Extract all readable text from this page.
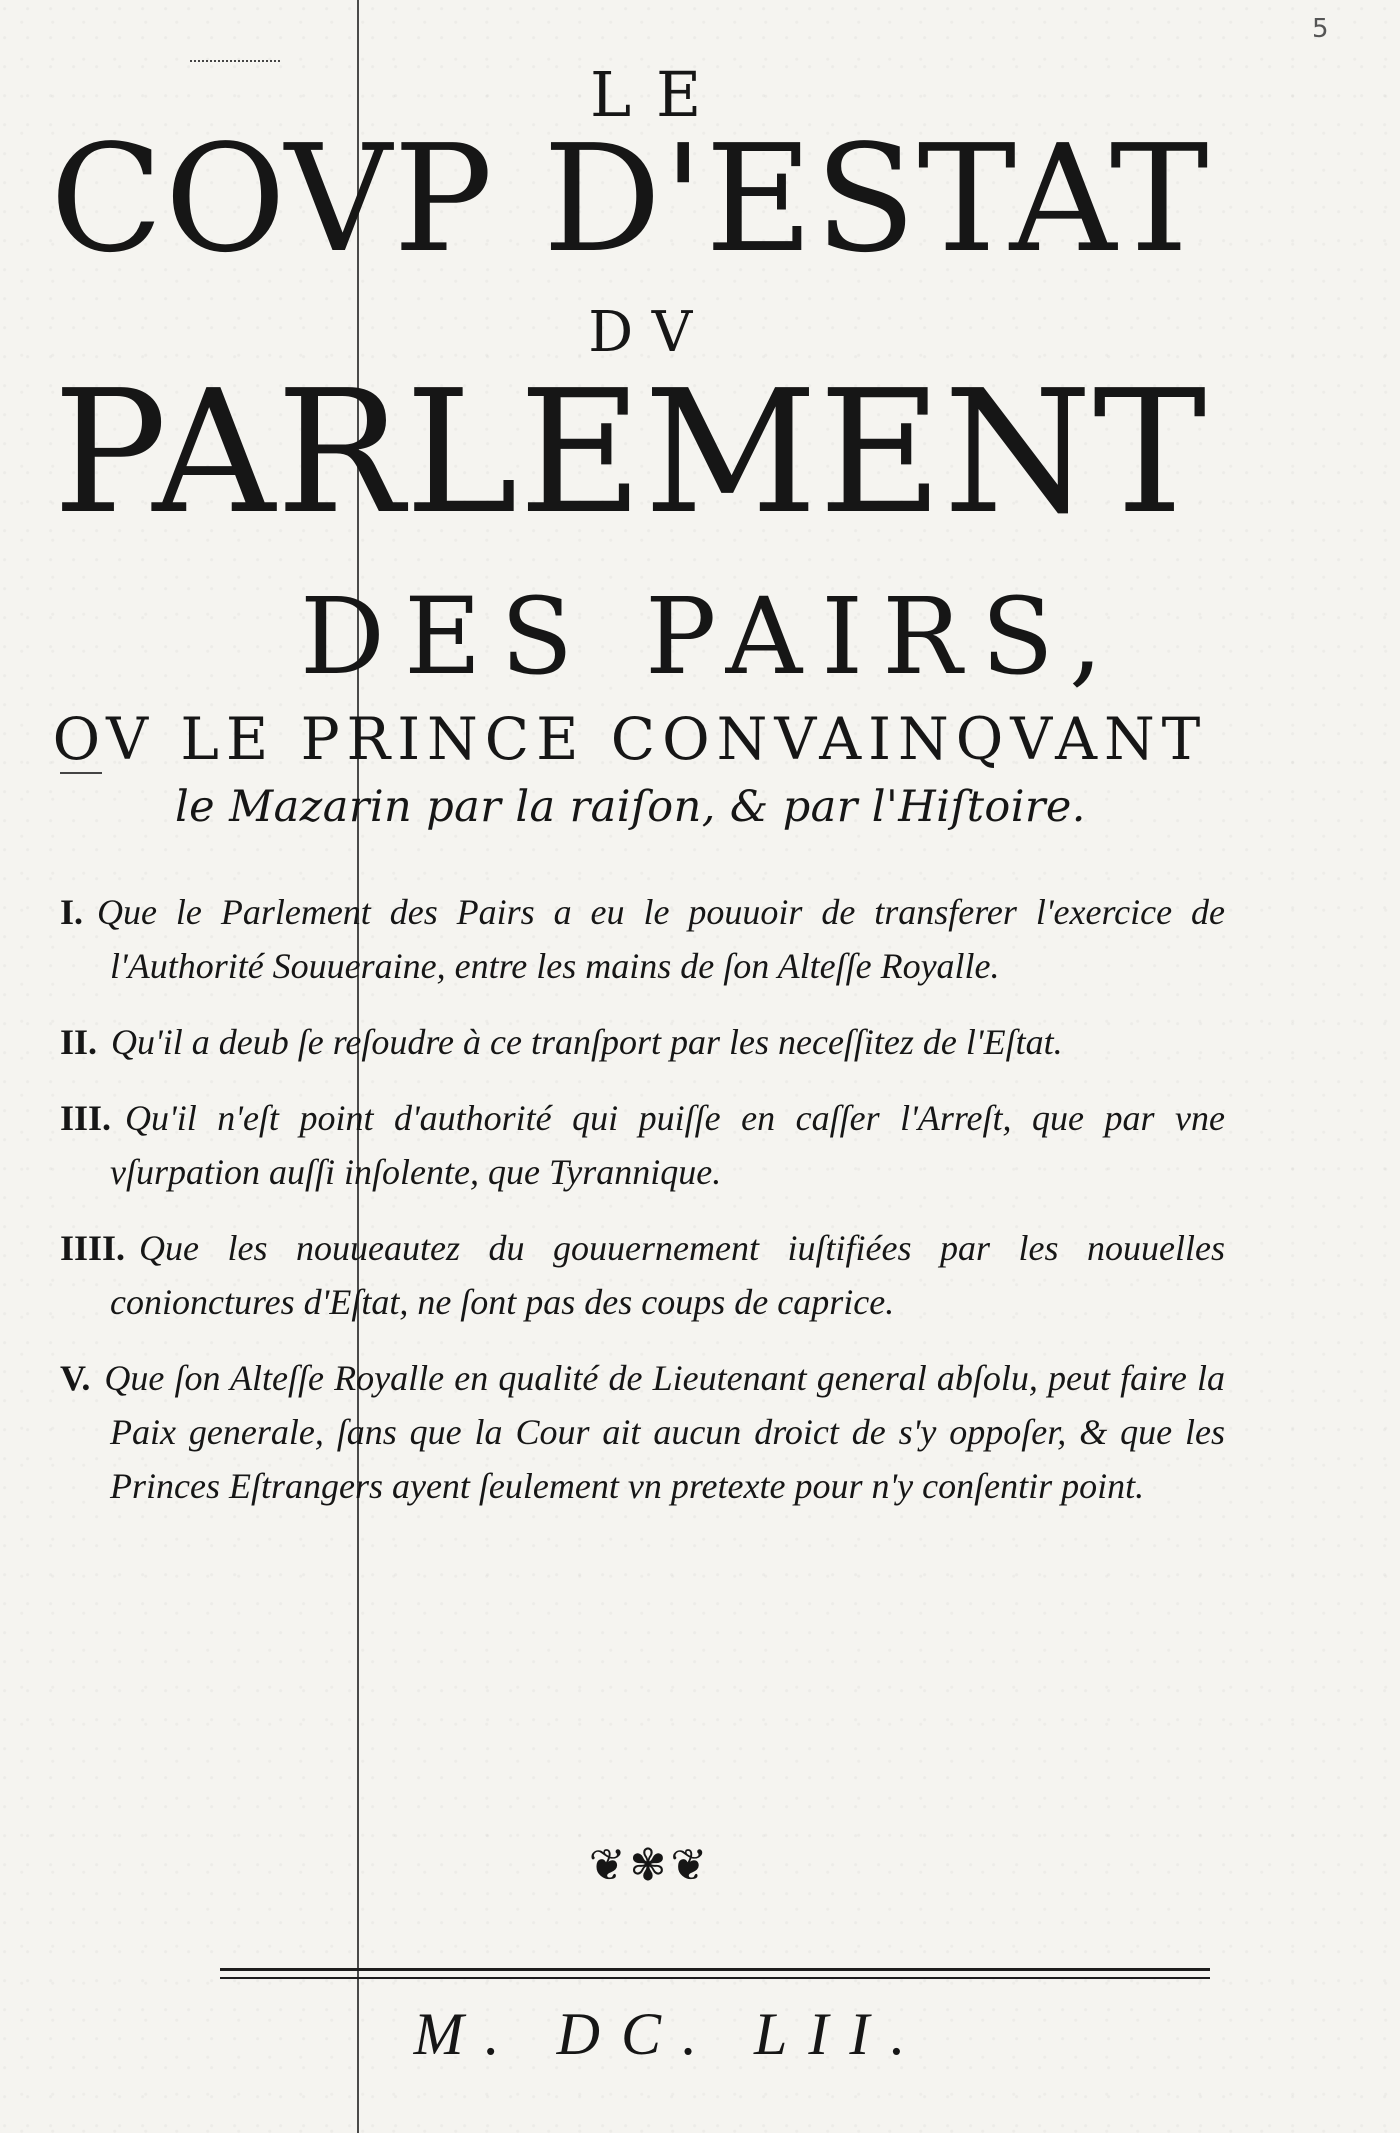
5
LE
COVP D'ESTAT
DV
PARLEMENT
DES PAIRS,
OV LE PRINCE CONVAINQVANT
le Mazarin par la raiſon, & par l'Hiſtoire.
I. Que le Parlement des Pairs a eu le pouuoir de transferer l'exercice de l'Authorité Souueraine, entre les mains de ſon Alteſſe Royalle.
II. Qu'il a deub ſe reſoudre à ce tranſport par les neceſſitez de l'Eſtat.
III. Qu'il n'eſt point d'authorité qui puiſſe en caſſer l'Arreſt, que par vne vſurpation auſſi inſolente, que Tyrannique.
IIII. Que les nouueautez du gouuernement iuſtifiées par les nouuelles conionctures d'Eſtat, ne ſont pas des coups de caprice.
V. Que ſon Alteſſe Royalle en qualité de Lieutenant general abſolu, peut faire la Paix generale, ſans que la Cour ait aucun droict de s'y oppoſer, & que les Princes Eſtrangers ayent ſeulement vn pretexte pour n'y conſentir point.
❦✾❦
M. DC. LII.
